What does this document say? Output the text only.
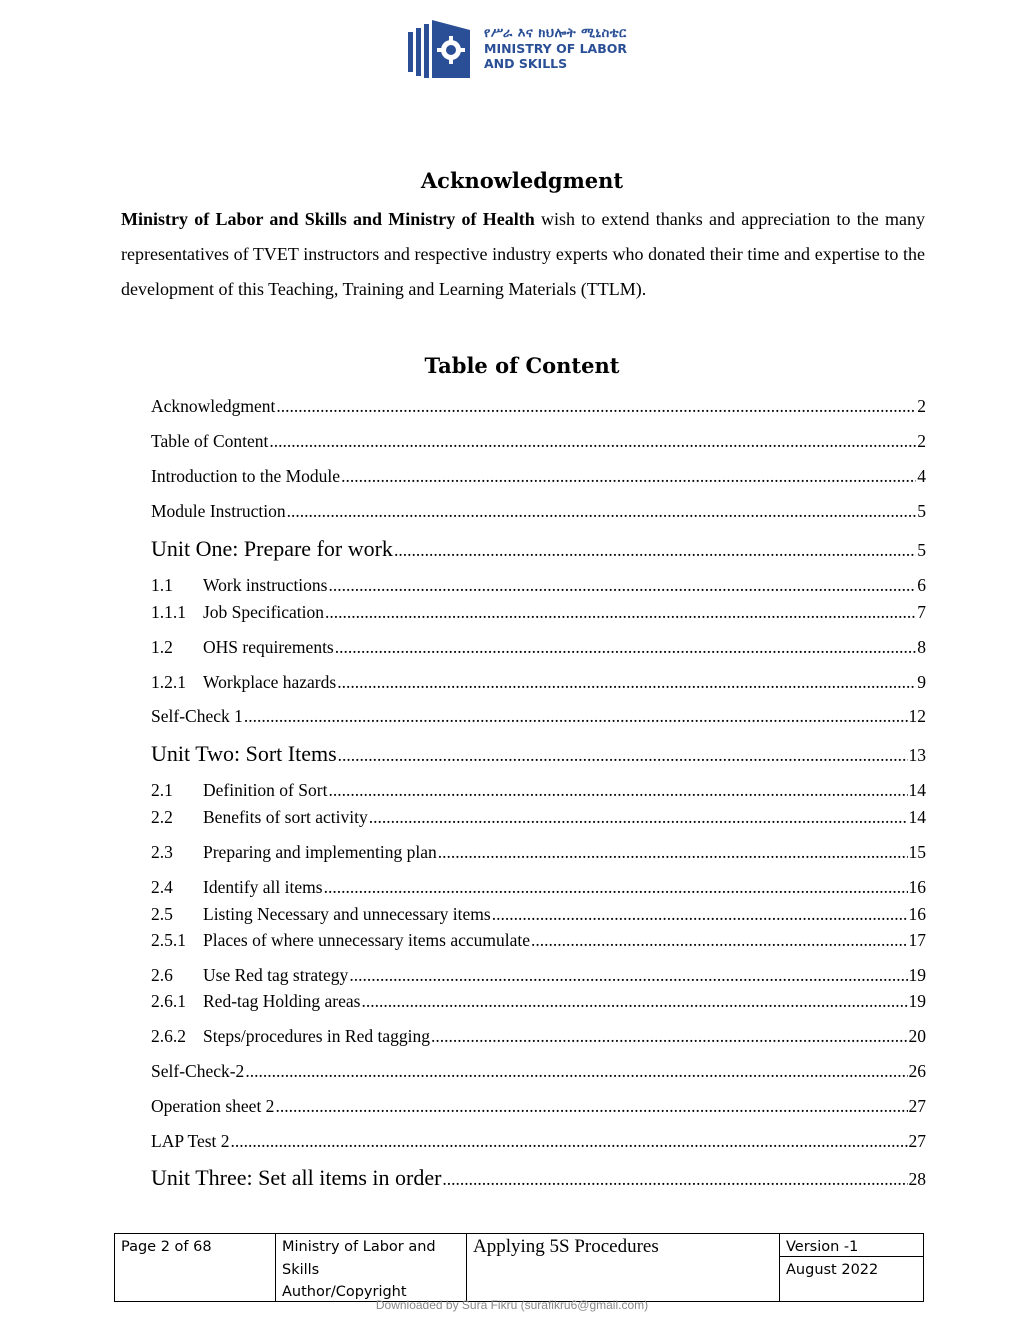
የሥራ እና ክህሎት ሚኒስቴር
MINISTRY OF LABOR
AND SKILLS
Acknowledgment

Ministry of Labor and Skills and Ministry of Health wish to extend thanks and appreciation to the many representatives of TVET instructors and respective industry experts who donated their time and expertise to the development of this Teaching, Training and Learning Materials (TTLM).

Table of Content
Acknowledgment .....	2
Table of Content .....	2
Introduction to the Module .....	4
Module Instruction .....	5
Unit One: Prepare for work .....	5
1.1	Work instructions .....	6
1.1.1 Job Specification .....	7
1.2	OHS requirements .....	8
1.2.1 Workplace hazards .....	9
Self-Check 1 .....	12
Unit Two: Sort Items .....	13
2.1	Definition of Sort .....	14
2.2	Benefits of sort activity .....	14
2.3	Preparing and implementing plan .....	15
2.4	Identify all items .....	16
2.5	Listing Necessary and unnecessary items .....	16
2.5.1 Places of where unnecessary items accumulate .....	17
2.6	Use Red tag strategy .....	19
2.6.1 Red-tag Holding areas .....	19
2.6.2 Steps/procedures in Red tagging .....	20
Self-Check-2 .....	26
Operation sheet 2 .....	27
LAP Test 2 .....	27
Unit Three: Set all items in order .....	28
Page 2 of 68	Ministry of Labor and
Skills
Author/Copyright
Applying 5S Procedures	Version -1
August 2022
Downloaded by Sura Fikru (surafikru6@gmail.com)
